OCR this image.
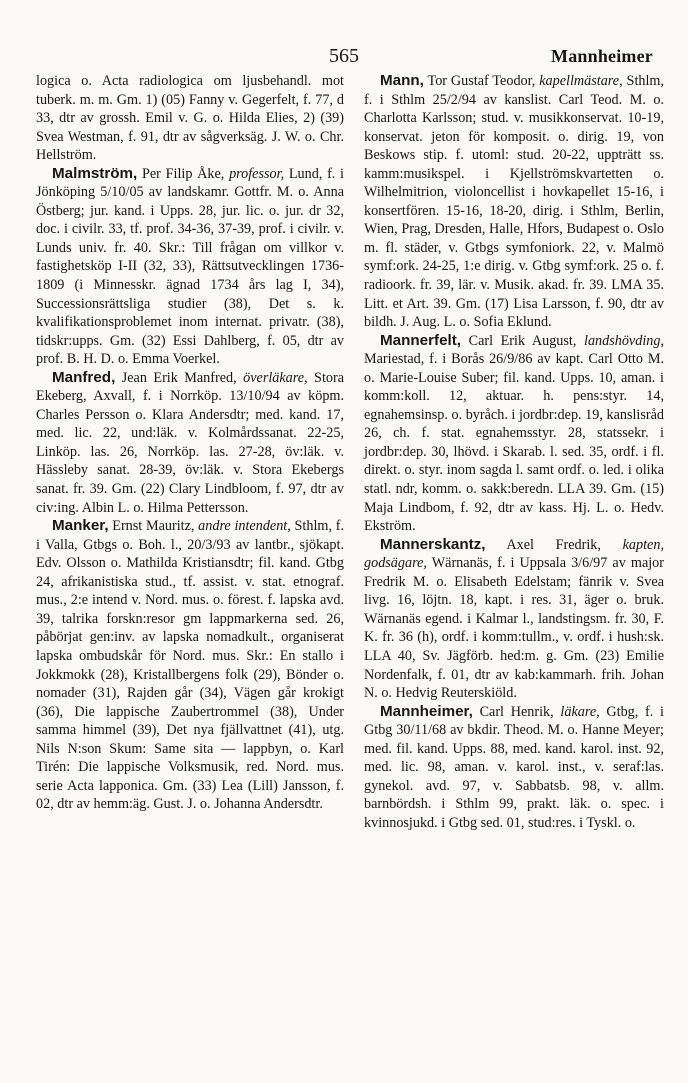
565	Mannheimer

logica o. Acta radiologica om ljusbehandl. mot tuberk. m. m. Gm. 1) (05) Fanny v. Gegerfelt, f. 77, d 33, dtr av grossh. Emil v. G. o. Hilda Elies, 2) (39) Svea Westman, f. 91, dtr av sågverksäg. J. W. o. Chr. Hellström.

Malmström, Per Filip Åke, professor, Lund, f. i Jönköping 5/10/05 av landskamr. Gottfr. M. o. Anna Östberg; jur. kand. i Upps. 28, jur. lic. o. jur. dr 32, doc. i civilr. 33, tf. prof. 34-36, 37-39, prof. i civilr. v. Lunds univ. fr. 40. Skr.: Till frågan om villkor v. fastighetsköp I-II (32, 33), Rättsutvecklingen 1736-1809 (i Minnesskr. ägnad 1734 års lag I, 34), Successionsrättsliga studier (38), Det s. k. kvalifikationsproblemet inom internat. privatr. (38), tidskr:upps. Gm. (32) Essi Dahlberg, f. 05, dtr av prof. B. H. D. o. Emma Voerkel.

Manfred, Jean Erik Manfred, överläkare, Stora Ekeberg, Axvall, f. i Norrköp. 13/10/94 av köpm. Charles Persson o. Klara Andersdtr; med. kand. 17, med. lic. 22, und:läk. v. Kolmårdssanat. 22-25, Linköp. las. 26, Norrköp. las. 27-28, öv:läk. v. Hässleby sanat. 28-39, öv:läk. v. Stora Ekebergs sanat. fr. 39. Gm. (22) Clary Lindbloom, f. 97, dtr av civ:ing. Albin L. o. Hilma Pettersson.

Manker, Ernst Mauritz, andre intendent, Sthlm, f. i Valla, Gtbgs o. Boh. l., 20/3/93 av lantbr., sjökapt. Edv. Olsson o. Mathilda Kristiansdtr; fil. kand. Gtbg 24, afrikanistiska stud., tf. assist. v. stat. etnograf. mus., 2:e intend v. Nord. mus. o. förest. f. lapska avd. 39, talrika forskn:resor gm lappmarkerna sed. 26, påbörjat gen:inv. av lapska nomadkult., organiserat lapska ombudskår för Nord. mus. Skr.: En stallo i Jokkmokk (28), Kristallbergens folk (29), Bönder o. nomader (31), Rajden går (34), Vägen går krokigt (36), Die lappische Zaubertrommel (38), Under samma himmel (39), Det nya fjällvattnet (41), utg. Nils N:son Skum: Same sita — lappbyn, o. Karl Tirén: Die lappische Volksmusik, red. Nord. mus. serie Acta lapponica. Gm. (33) Lea (Lill) Jansson, f. 02, dtr av hemm:äg. Gust. J. o. Johanna Andersdtr.

Mann, Tor Gustaf Teodor, kapellmästare, Sthlm, f. i Sthlm 25/2/94 av kanslist. Carl Teod. M. o. Charlotta Karlsson; stud. v. musikkonservat. 10-19, konservat. jeton för komposit. o. dirig. 19, von Beskows stip. f. utoml: stud. 20-22, uppträtt ss. kamm:musikspel. i Kjellströmskvartetten o. Wilhelmitrion, violoncellist i hovkapellet 15-16, i konsertfören. 15-16, 18-20, dirig. i Sthlm, Berlin, Wien, Prag, Dresden, Halle, Hfors, Budapest o. Oslo m. fl. städer, v. Gtbgs symfoniork. 22, v. Malmö symf:ork. 24-25, 1:e dirig. v. Gtbg symf:ork. 25 o. f. radioork. fr. 39, lär. v. Musik. akad. fr. 39. LMA 35. Litt. et Art. 39. Gm. (17) Lisa Larsson, f. 90, dtr av bildh. J. Aug. L. o. Sofia Eklund.

Mannerfelt, Carl Erik August, landshövding, Mariestad, f. i Borås 26/9/86 av kapt. Carl Otto M. o. Marie-Louise Suber; fil. kand. Upps. 10, aman. i komm:koll. 12, aktuar. h. pens:styr. 14, egnahemsinsp. o. byråch. i jordbr:dep. 19, kanslisråd 26, ch. f. stat. egnahemsstyr. 28, statssekr. i jordbr:dep. 30, lhövd. i Skarab. l. sed. 35, ordf. i fl. direkt. o. styr. inom sagda l. samt ordf. o. led. i olika statl. ndr, komm. o. sakk:beredn. LLA 39. Gm. (15) Maja Lindbom, f. 92, dtr av kass. Hj. L. o. Hedv. Ekström.

Mannerskantz, Axel Fredrik, kapten, godsägare, Wärnanäs, f. i Uppsala 3/6/97 av major Fredrik M. o. Elisabeth Edelstam; fänrik v. Svea livg. 16, löjtn. 18, kapt. i res. 31, äger o. bruk. Wärnanäs egend. i Kalmar l., landstingsm. fr. 30, F. K. fr. 36 (h), ordf. i komm:tullm., v. ordf. i hush:sk. LLA 40, Sv. Jägförb. hed:m. g. Gm. (23) Emilie Nordenfalk, f. 01, dtr av kab:kammarh. frih. Johan N. o. Hedvig Reuterskiöld.

Mannheimer, Carl Henrik, läkare, Gtbg, f. i Gtbg 30/11/68 av bkdir. Theod. M. o. Hanne Meyer; med. fil. kand. Upps. 88, med. kand. karol. inst. 92, med. lic. 98, aman. v. karol. inst., v. seraf:las. gynekol. avd. 97, v. Sabbatsb. 98, v. allm. barnbördsh. i Sthlm 99, prakt. läk. o. spec. i kvinnosjukd. i Gtbg sed. 01, stud:res. i Tyskl. o.
